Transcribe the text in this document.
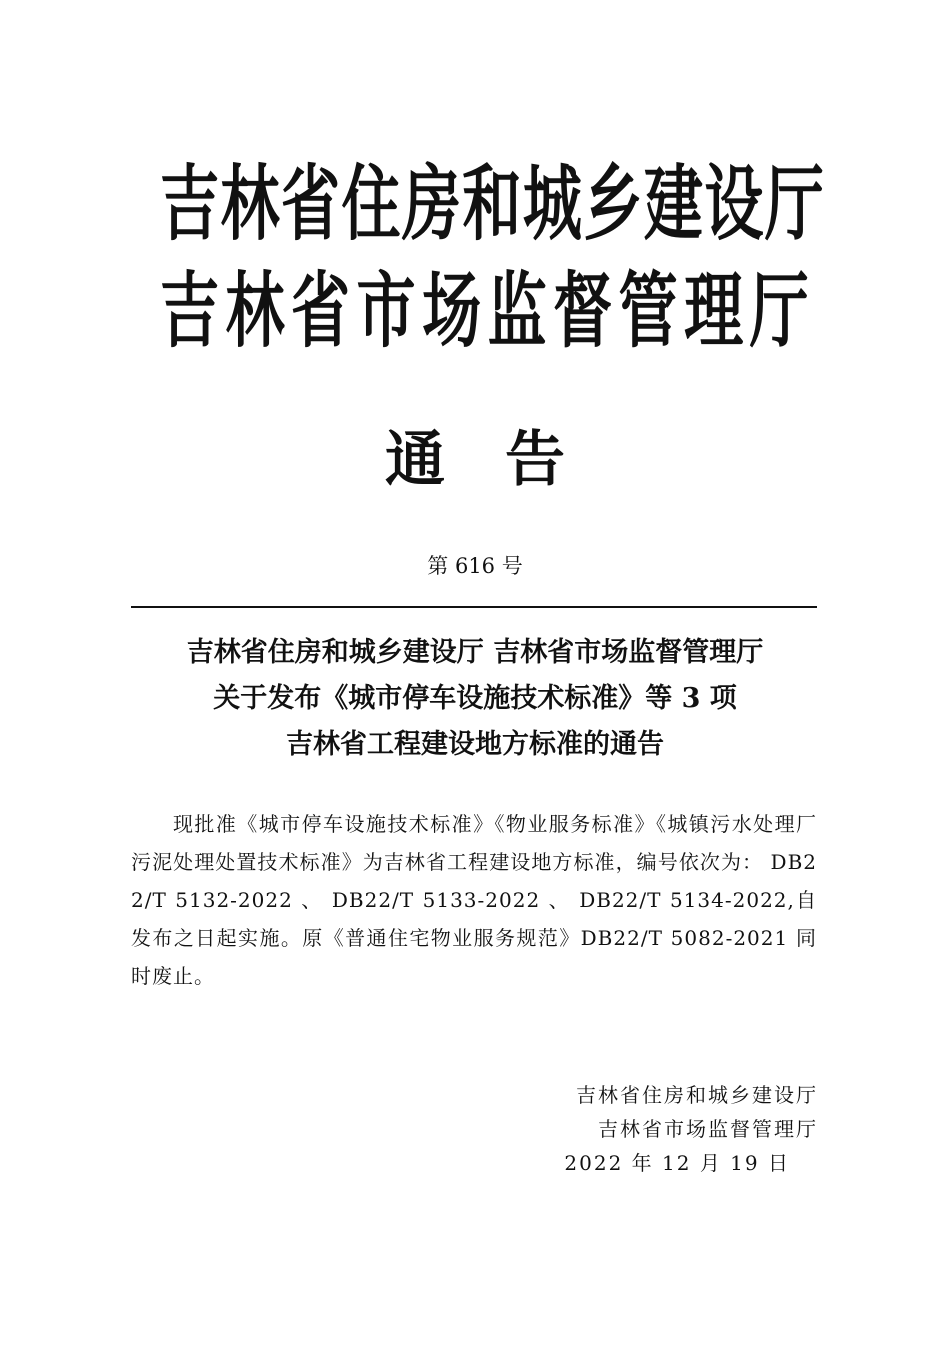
吉林省住房和城乡建设厅
吉林省市场监督管理厅
通告
第 616 号
吉林省住房和城乡建设厅 吉林省市场监督管理厅
关于发布《城市停车设施技术标准》等 3 项
吉林省工程建设地方标准的通告
现批准《城市停车设施技术标准》《物业服务标准》《城镇污水处理厂污泥处理处置技术标准》为吉林省工程建设地方标准，编号依次为： DB22/T 5132-2022 、 DB22/T 5133-2022 、 DB22/T 5134-2022,自发布之日起实施。原《普通住宅物业服务规范》DB22/T 5082-2021 同时废止。
吉林省住房和城乡建设厅
吉林省市场监督管理厅
2022 年 12 月 19 日
